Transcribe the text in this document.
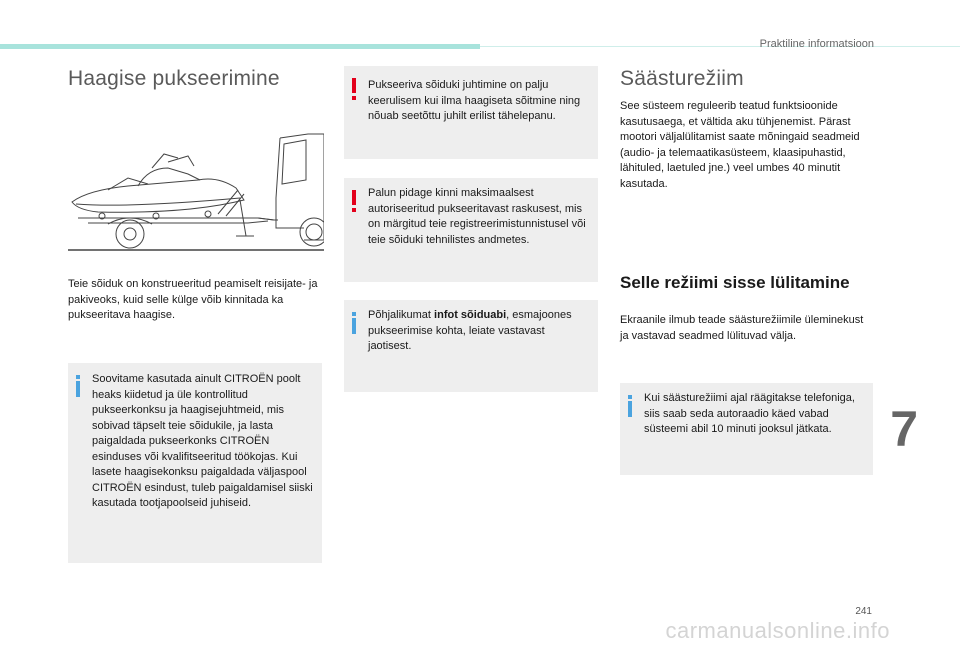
Praktiline informatsioon
Haagise pukseerimine

Teie sõiduk on konstrueeritud peamiselt reisijate- ja pakiveoks, kuid selle külge võib kinnitada ka pukseeritava haagise.

Soovitame kasutada ainult CITROËN poolt heaks kiidetud ja üle kontrollitud pukseerkonksu ja haagisejuhtmeid, mis sobivad täpselt teie sõidukile, ja lasta paigaldada pukseerkonks CITROËN esinduses või kvalifitseeritud töökojas. Kui lasete haagisekonksu paigaldada väljaspool CITROËN esindust, tuleb paigaldamisel siiski kasutada tootjapoolseid juhiseid.
Pukseeriva sõiduki juhtimine on palju keerulisem kui ilma haagiseta sõitmine ning nõuab seetõttu juhilt erilist tähelepanu.
Palun pidage kinni maksimaalsest autoriseeritud pukseeritavast raskusest, mis on märgitud teie registreerimistunnistusel või teie sõiduki tehnilistes andmetes.
Põhjalikumat infot sõiduabi, esmajoones pukseerimise kohta, leiate vastavast jaotisest.
Säästurežiim

See süsteem reguleerib teatud funktsioonide kasutusaega, et vältida aku tühjenemist. Pärast mootori väljalülitamist saate mõningaid seadmeid (audio- ja telemaatikasüsteem, klaasipuhastid, lähituled, laetuled jne.) veel umbes 40 minutit kasutada.

Selle režiimi sisse lülitamine

Ekraanile ilmub teade säästurežiimile üleminekust ja vastavad seadmed lülituvad välja.

Kui säästurežiimi ajal räägitakse telefoniga, siis saab seda autoraadio käed vabad süsteemi abil 10 minuti jooksul jätkata.	7
241
carmanualsonline.info
